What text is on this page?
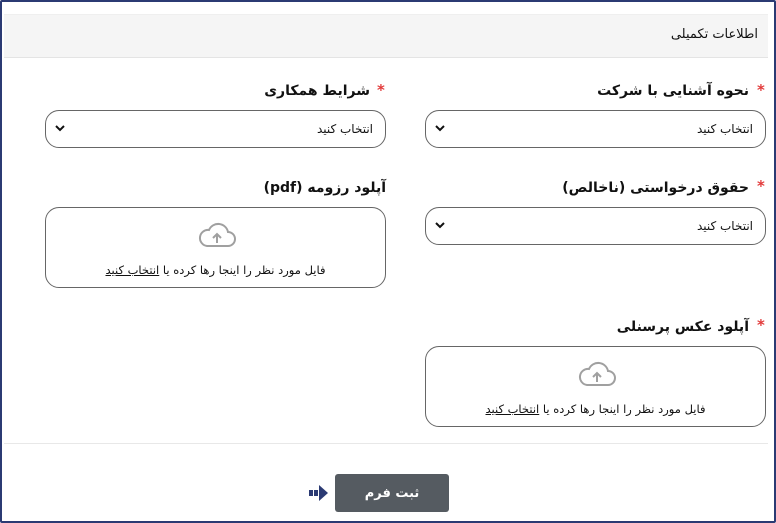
اطلاعات تکمیلی
*
نحوه آشنایی با شرکت
انتخاب کنید
*
شرایط همکاری
انتخاب کنید
*
حقوق درخواستی (ناخالص)
انتخاب کنید
آپلود رزومه (pdf)
فایل مورد نظر را اینجا رها کرده یا انتخاب کنید
*
آپلود عکس پرسنلی
فایل مورد نظر را اینجا رها کرده یا انتخاب کنید
ثبت فرم
